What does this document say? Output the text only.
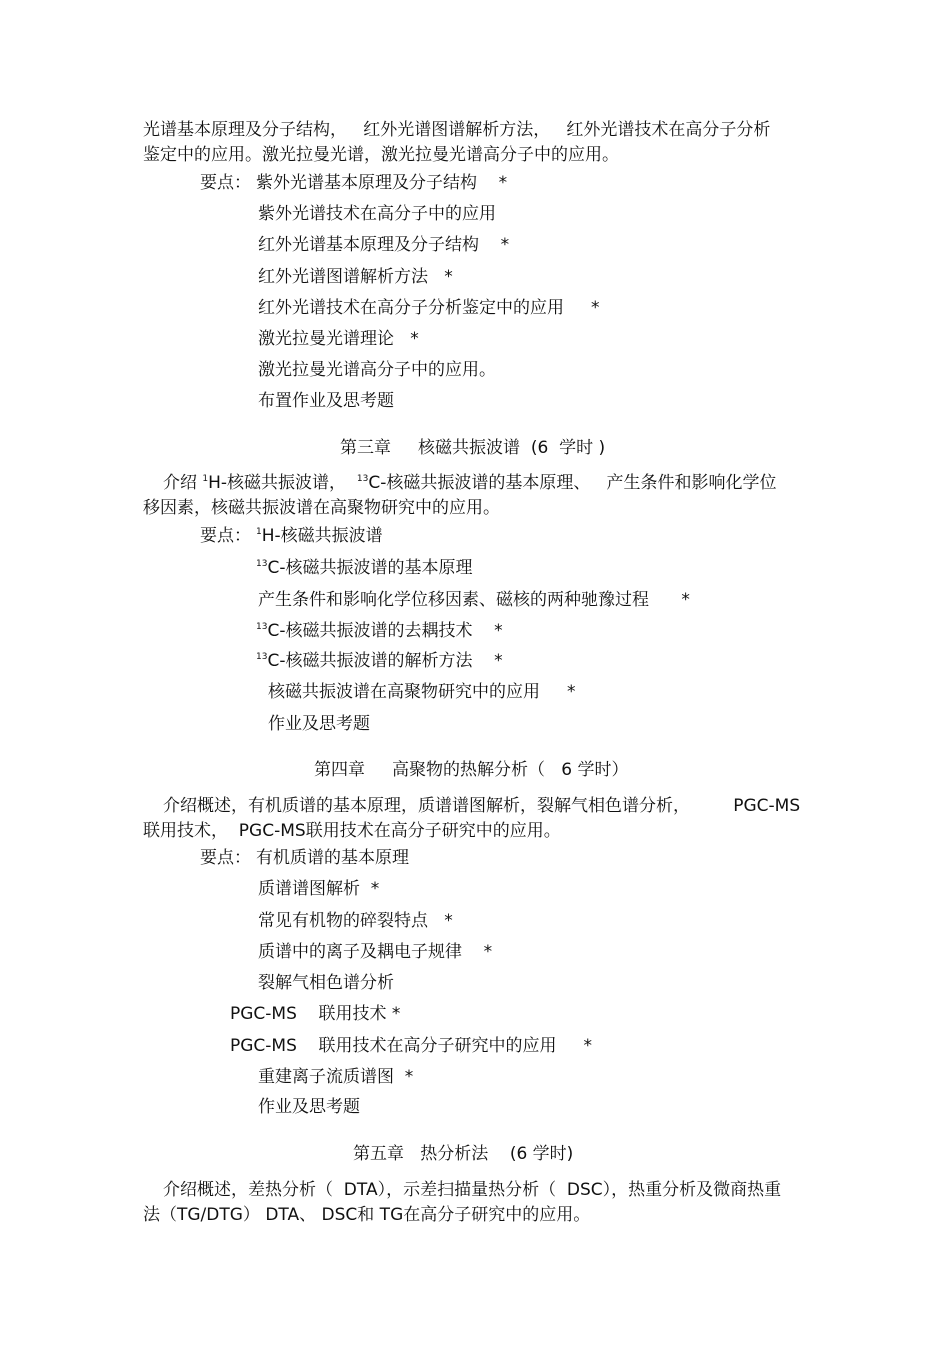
光谱基本原理及分子结构，   红外光谱图谱解析方法，   红外光谱技术在高分子分析
鉴定中的应用。激光拉曼光谱，激光拉曼光谱高分子中的应用。
要点： 紫外光谱基本原理及分子结构    *
紫外光谱技术在高分子中的应用
红外光谱基本原理及分子结构    *
红外光谱图谱解析方法   *
红外光谱技术在高分子分析鉴定中的应用     *
激光拉曼光谱理论   *
激光拉曼光谱高分子中的应用。
布置作业及思考题
第三章     核磁共振波谱  (6  学时 )
介绍 $^1$H-核磁共振波谱，  $^{13}$C-核磁共振波谱的基本原理、   产生条件和影响化学位
移因素，核磁共振波谱在高聚物研究中的应用。
要点： $^1$H-核磁共振波谱
$^{13}$C-核磁共振波谱的基本原理
产生条件和影响化学位移因素、磁核的两种驰豫过程      *
$^{13}$C-核磁共振波谱的去耦技术    *
$^{13}$C-核磁共振波谱的解析方法    *
核磁共振波谱在高聚物研究中的应用     *
作业及思考题
第四章     高聚物的热解分析（   6 学时）
介绍概述，有机质谱的基本原理，质谱谱图解析，裂解气相色谱分析，        PGC-MS
联用技术，  PGC-MS联用技术在高分子研究中的应用。
要点： 有机质谱的基本原理
质谱谱图解析  *
常见有机物的碎裂特点   *
质谱中的离子及耦电子规律    *
裂解气相色谱分析
PGC-MS    联用技术 *
PGC-MS    联用技术在高分子研究中的应用     *
重建离子流质谱图  *
作业及思考题
第五章   热分析法    (6 学时)
介绍概述，差热分析（  DTA），示差扫描量热分析（  DSC），热重分析及微商热重
法（TG/DTG） DTA、 DSC和 TG在高分子研究中的应用。
